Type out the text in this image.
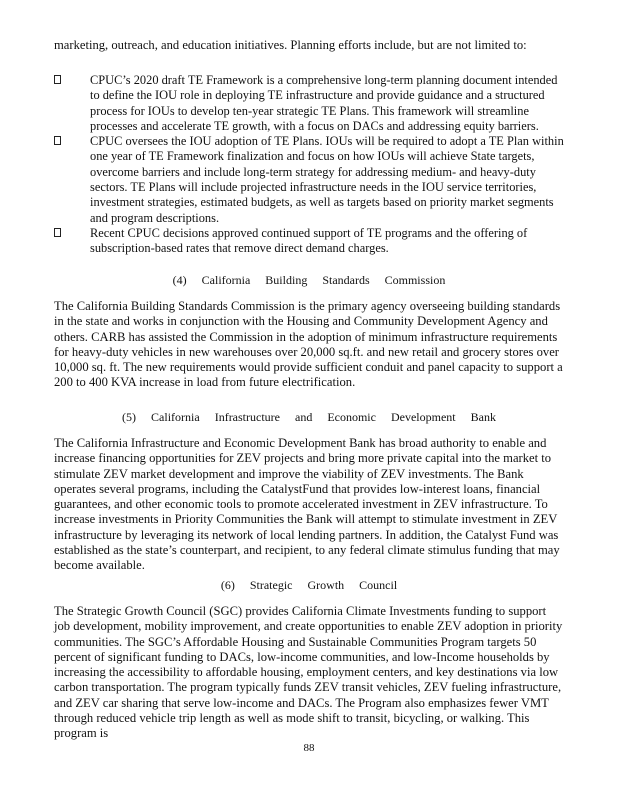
marketing, outreach, and education initiatives. Planning efforts include, but are not limited to:

CPUC’s 2020 draft TE Framework is a comprehensive long-term planning document intended to define the IOU role in deploying TE infrastructure and provide guidance and a structured process for IOUs to develop ten-year strategic TE Plans. This framework will streamline processes and accelerate TE growth, with a focus on DACs and addressing equity barriers.
CPUC oversees the IOU adoption of TE Plans. IOUs will be required to adopt a TE Plan within one year of TE Framework finalization and focus on how IOUs will achieve State targets, overcome barriers and include long-term strategy for addressing medium- and heavy-duty sectors. TE Plans will include projected infrastructure needs in the IOU service territories, investment strategies, estimated budgets, as well as targets based on priority market segments and program descriptions.
Recent CPUC decisions approved continued support of TE programs and the offering of subscription-based rates that remove direct demand charges.

(4) California Building Standards Commission

The California Building Standards Commission is the primary agency overseeing building standards in the state and works in conjunction with the Housing and Community Development Agency and others. CARB has assisted the Commission in the adoption of minimum infrastructure requirements for heavy-duty vehicles in new warehouses over 20,000 sq.ft. and new retail and grocery stores over 10,000 sq. ft. The new requirements would provide sufficient conduit and panel capacity to support a 200 to 400 KVA increase in load from future electrification.

(5) California Infrastructure and Economic Development Bank

The California Infrastructure and Economic Development Bank has broad authority to enable and increase financing opportunities for ZEV projects and bring more private capital into the market to stimulate ZEV market development and improve the viability of ZEV investments. The Bank operates several programs, including the CatalystFund that provides low-interest loans, financial guarantees, and other economic tools to promote accelerated investment in ZEV infrastructure. To increase investments in Priority Communities the Bank will attempt to stimulate investment in ZEV infrastructure by leveraging its network of local lending partners. In addition, the Catalyst Fund was established as the state’s counterpart, and recipient, to any federal climate stimulus funding that may become available.

(6) Strategic Growth Council

The Strategic Growth Council (SGC) provides California Climate Investments funding to support job development, mobility improvement, and create opportunities to enable ZEV adoption in priority communities. The SGC’s Affordable Housing and Sustainable Communities Program targets 50 percent of significant funding to DACs, low-income communities, and low-Income households by increasing the accessibility to affordable housing, employment centers, and key destinations via low carbon transportation. The program typically funds ZEV transit vehicles, ZEV fueling infrastructure, and ZEV car sharing that serve low-income and DACs. The Program also emphasizes fewer VMT through reduced vehicle trip length as well as mode shift to transit, bicycling, or walking. This program is

88
